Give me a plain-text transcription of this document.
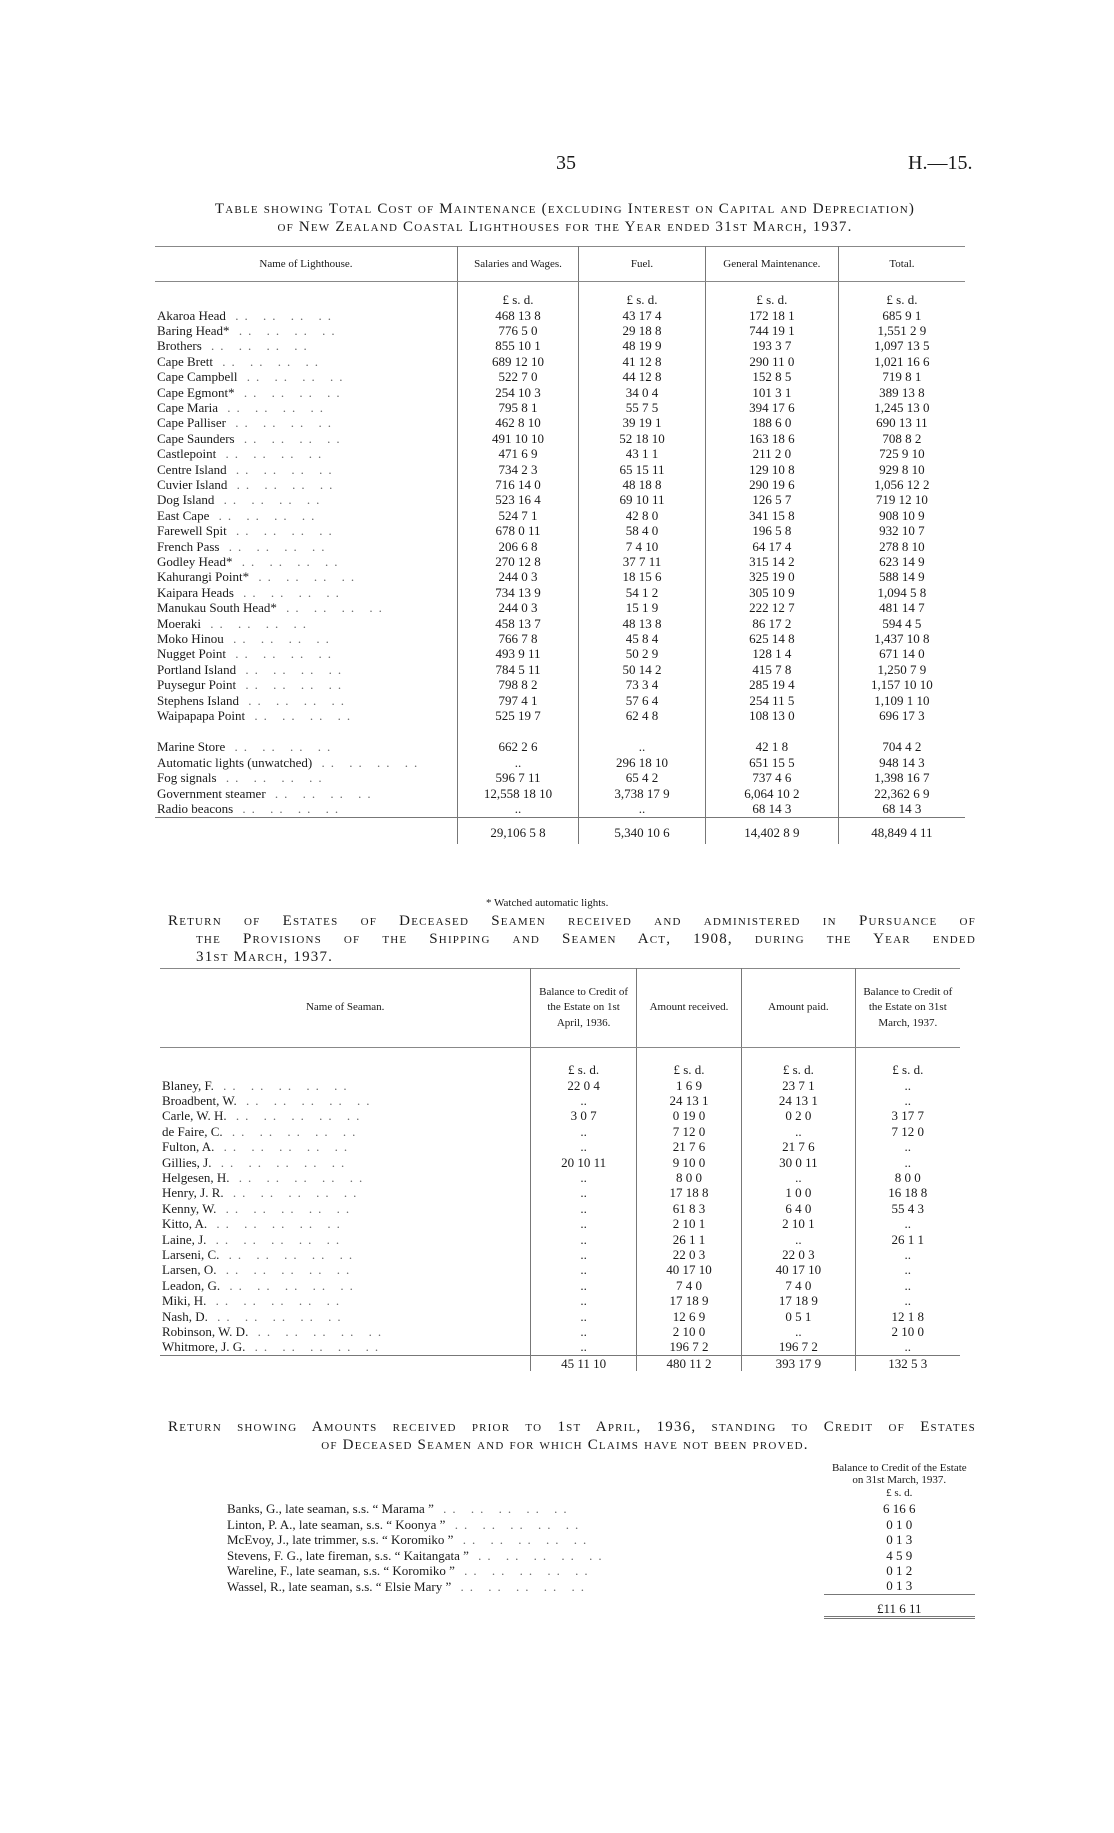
35	H.—15.
Table showing Total Cost of Maintenance (excluding Interest on Capital and Depreciation)
of New Zealand Coastal Lighthouses for the Year ended 31st March, 1937.
Name of Lighthouse.	Salaries and Wages.	Fuel.	General Maintenance.	Total.
	£ s. d.	£ s. d.	£ s. d.	£ s. d.
Akaroa Head .. .. .. ..	468 13 8	43 17 4	172 18 1	685 9 1
Baring Head* .. .. .. ..	776 5 0	29 18 8	744 19 1	1,551 2 9
Brothers .. .. .. ..	855 10 1	48 19 9	193 3 7	1,097 13 5
Cape Brett .. .. .. ..	689 12 10	41 12 8	290 11 0	1,021 16 6
Cape Campbell .. .. .. ..	522 7 0	44 12 8	152 8 5	719 8 1
Cape Egmont* .. .. .. ..	254 10 3	34 0 4	101 3 1	389 13 8
Cape Maria .. .. .. ..	795 8 1	55 7 5	394 17 6	1,245 13 0
Cape Palliser .. .. .. ..	462 8 10	39 19 1	188 6 0	690 13 11
Cape Saunders .. .. .. ..	491 10 10	52 18 10	163 18 6	708 8 2
Castlepoint .. .. .. ..	471 6 9	43 1 1	211 2 0	725 9 10
Centre Island .. .. .. ..	734 2 3	65 15 11	129 10 8	929 8 10
Cuvier Island .. .. .. ..	716 14 0	48 18 8	290 19 6	1,056 12 2
Dog Island .. .. .. ..	523 16 4	69 10 11	126 5 7	719 12 10
East Cape .. .. .. ..	524 7 1	42 8 0	341 15 8	908 10 9
Farewell Spit .. .. .. ..	678 0 11	58 4 0	196 5 8	932 10 7
French Pass .. .. .. ..	206 6 8	7 4 10	64 17 4	278 8 10
Godley Head* .. .. .. ..	270 12 8	37 7 11	315 14 2	623 14 9
Kahurangi Point* .. .. .. ..	244 0 3	18 15 6	325 19 0	588 14 9
Kaipara Heads .. .. .. ..	734 13 9	54 1 2	305 10 9	1,094 5 8
Manukau South Head* .. .. .. ..	244 0 3	15 1 9	222 12 7	481 14 7
Moeraki .. .. .. ..	458 13 7	48 13 8	86 17 2	594 4 5
Moko Hinou .. .. .. ..	766 7 8	45 8 4	625 14 8	1,437 10 8
Nugget Point .. .. .. ..	493 9 11	50 2 9	128 1 4	671 14 0
Portland Island .. .. .. ..	784 5 11	50 14 2	415 7 8	1,250 7 9
Puysegur Point .. .. .. ..	798 8 2	73 3 4	285 19 4	1,157 10 10
Stephens Island .. .. .. ..	797 4 1	57 6 4	254 11 5	1,109 1 10
Waipapapa Point .. .. .. ..	525 19 7	62 4 8	108 13 0	696 17 3

Marine Store .. .. .. ..	662 2 6	..	42 1 8	704 4 2
Automatic lights (unwatched) .. .. .. ..	..	296 18 10	651 15 5	948 14 3
Fog signals .. .. .. ..	596 7 11	65 4 2	737 4 6	1,398 16 7
Government steamer .. .. .. ..	12,558 18 10	3,738 17 9	6,064 10 2	22,362 6 9
Radio beacons .. .. .. ..	..	..	68 14 3	68 14 3
	29,106 5 8	5,340 10 6	14,402 8 9	48,849 4 11
* Watched automatic lights.
Return of Estates of Deceased Seamen received and administered in Pursuance of
the Provisions of the Shipping and Seamen Act, 1908, during the Year ended
31st March, 1937.
Name of Seaman.	Balance to Credit of the Estate on 1st April, 1936.	Amount received.	Amount paid.	Balance to Credit of the Estate on 31st March, 1937.
	£ s. d.	£ s. d.	£ s. d.	£ s. d.
Blaney, F. .. .. .. .. ..	22 0 4	1 6 9	23 7 1	..
Broadbent, W. .. .. .. .. ..	..	24 13 1	24 13 1	..
Carle, W. H. .. .. .. .. ..	3 0 7	0 19 0	0 2 0	3 17 7
de Faire, C. .. .. .. .. ..	..	7 12 0	..	7 12 0
Fulton, A. .. .. .. .. ..	..	21 7 6	21 7 6	..
Gillies, J. .. .. .. .. ..	20 10 11	9 10 0	30 0 11	..
Helgesen, H. .. .. .. .. ..	..	8 0 0	..	8 0 0
Henry, J. R. .. .. .. .. ..	..	17 18 8	1 0 0	16 18 8
Kenny, W. .. .. .. .. ..	..	61 8 3	6 4 0	55 4 3
Kitto, A. .. .. .. .. ..	..	2 10 1	2 10 1	..
Laine, J. .. .. .. .. ..	..	26 1 1	..	26 1 1
Larseni, C. .. .. .. .. ..	..	22 0 3	22 0 3	..
Larsen, O. .. .. .. .. ..	..	40 17 10	40 17 10	..
Leadon, G. .. .. .. .. ..	..	7 4 0	7 4 0	..
Miki, H. .. .. .. .. ..	..	17 18 9	17 18 9	..
Nash, D. .. .. .. .. ..	..	12 6 9	0 5 1	12 1 8
Robinson, W. D. .. .. .. .. ..	..	2 10 0	..	2 10 0
Whitmore, J. G. .. .. .. .. ..	..	196 7 2	196 7 2	..
	45 11 10	480 11 2	393 17 9	132 5 3
Return showing Amounts received prior to 1st April, 1936, standing to Credit of Estates
of Deceased Seamen and for which Claims have not been proved.
	Balance to Credit of the Estate on 31st March, 1937.
	£ s. d.
Banks, G., late seaman, s.s. “ Marama ” .. .. .. .. ..	6 16 6
Linton, P. A., late seaman, s.s. “ Koonya ” .. .. .. .. ..	0 1 0
McEvoy, J., late trimmer, s.s. “ Koromiko ” .. .. .. .. ..	0 1 3
Stevens, F. G., late fireman, s.s. “ Kaitangata ” .. .. .. .. ..	4 5 9
Wareline, F., late seaman, s.s. “ Koromiko ” .. .. .. .. ..	0 1 2
Wassel, R., late seaman, s.s. “ Elsie Mary ” .. .. .. .. ..	0 1 3
	£11 6 11
